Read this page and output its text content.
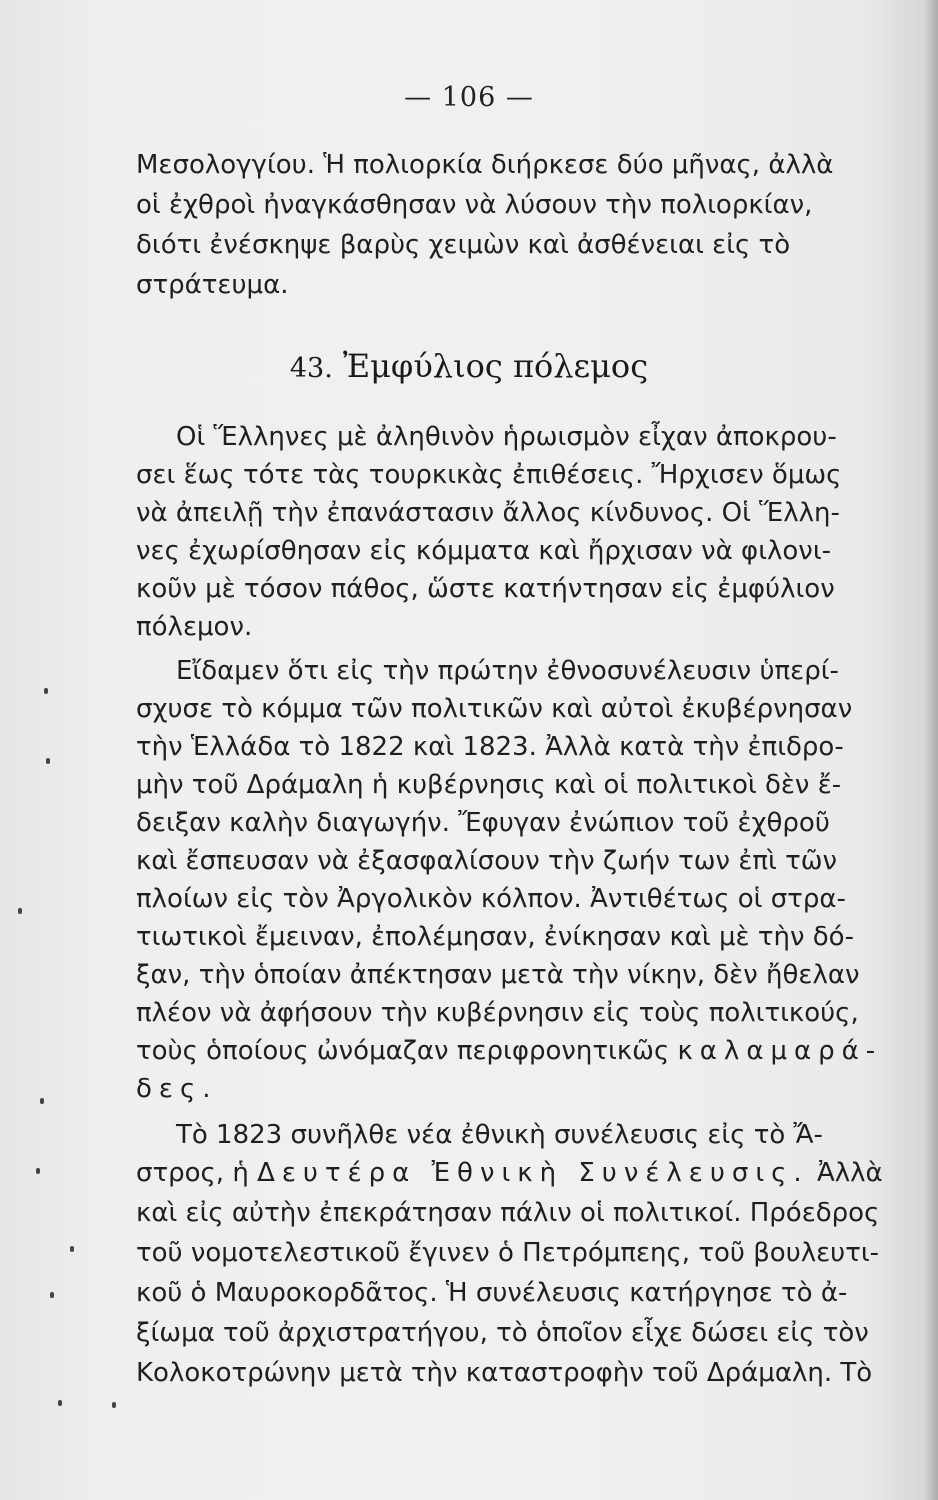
— 106 —
Μεσολογγίου. Ἡ πολιορκία διήρκεσε δύο μῆνας, ἀλλὰ
οἱ ἐχθροὶ ἠναγκάσθησαν νὰ λύσουν τὴν πολιορκίαν,
διότι ἐνέσκηψε βαρὺς χειμὼν καὶ ἀσθένειαι εἰς τὸ
στράτευμα.
43. Ἐμφύλιος πόλεμος
Οἱ Ἕλληνες μὲ ἀληθινὸν ἡρωισμὸν εἶχαν ἀποκρου-
σει ἕως τότε τὰς τουρκικὰς ἐπιθέσεις. Ἤρχισεν ὅμως
νὰ ἀπειλῇ τὴν ἐπανάστασιν ἄλλος κίνδυνος. Οἱ Ἕλλη-
νες ἐχωρίσθησαν εἰς κόμματα καὶ ἤρχισαν νὰ φιλονι-
κοῦν μὲ τόσον πάθος, ὥστε κατήντησαν εἰς ἐμφύλιον
πόλεμον.
Εἴδαμεν ὅτι εἰς τὴν πρώτην ἐθνοσυνέλευσιν ὑπερί-
σχυσε τὸ κόμμα τῶν πολιτικῶν καὶ αὐτοὶ ἐκυβέρνησαν
τὴν Ἑλλάδα τὸ 1822 καὶ 1823. Ἀλλὰ κατὰ τὴν ἐπιδρο-
μὴν τοῦ Δράμαλη ἡ κυβέρνησις καὶ οἱ πολιτικοὶ δὲν ἔ-
δειξαν καλὴν διαγωγήν. Ἔφυγαν ἐνώπιον τοῦ ἐχθροῦ
καὶ ἔσπευσαν νὰ ἐξασφαλίσουν τὴν ζωήν των ἐπὶ τῶν
πλοίων εἰς τὸν Ἀργολικὸν κόλπον. Ἀντιθέτως οἱ στρα-
τιωτικοὶ ἔμειναν, ἐπολέμησαν, ἐνίκησαν καὶ μὲ τὴν δό-
ξαν, τὴν ὁποίαν ἀπέκτησαν μετὰ τὴν νίκην, δὲν ἤθελαν
πλέον νὰ ἀφήσουν τὴν κυβέρνησιν εἰς τοὺς πολιτικούς,
τοὺς ὁποίους ὠνόμαζαν περιφρονητικῶς καλαμαρά-
δες.
Τὸ 1823 συνῆλθε νέα ἐθνικὴ συνέλευσις εἰς τὸ Ἄ-
στρος, ἡ Δευτέρα Ἐθνικὴ Συνέλευσις. Ἀλλὰ
καὶ εἰς αὐτὴν ἐπεκράτησαν πάλιν οἱ πολιτικοί. Πρόεδρος
τοῦ νομοτελεστικοῦ ἔγινεν ὁ Πετρόμπεης, τοῦ βουλευτι-
κοῦ ὁ Μαυροκορδᾶτος. Ἡ συνέλευσις κατήργησε τὸ ἀ-
ξίωμα τοῦ ἀρχιστρατήγου, τὸ ὁποῖον εἶχε δώσει εἰς τὸν
Κολοκοτρώνην μετὰ τὴν καταστροφὴν τοῦ Δράμαλη. Τὸ
